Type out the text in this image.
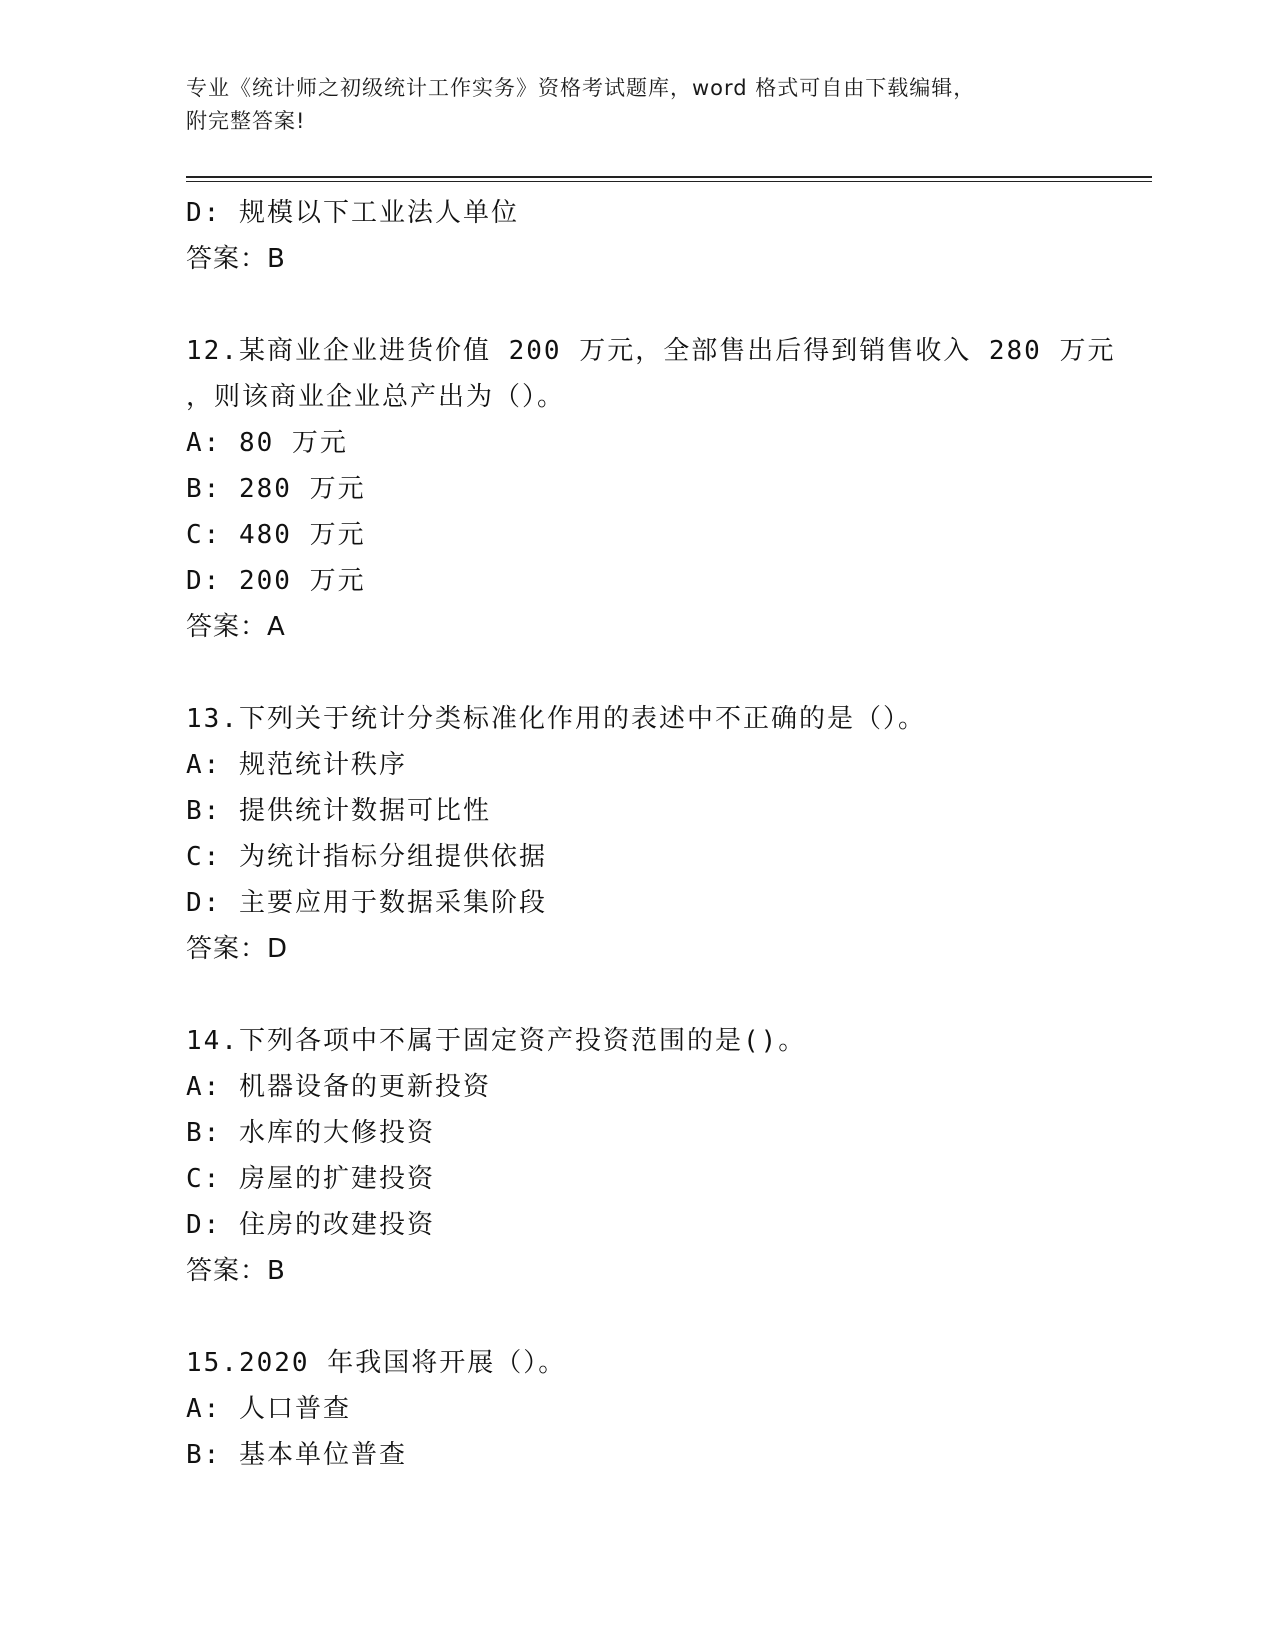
专业《统计师之初级统计工作实务》资格考试题库，word 格式可自由下载编辑，
附完整答案!
D: 规模以下工业法人单位
答案：B
12.某商业企业进货价值 200 万元，全部售出后得到销售收入 280 万元
，则该商业企业总产出为（）。
A: 80 万元
B: 280 万元
C: 480 万元
D: 200 万元
答案：A
13.下列关于统计分类标准化作用的表述中不正确的是（）。
A: 规范统计秩序
B: 提供统计数据可比性
C: 为统计指标分组提供依据
D: 主要应用于数据采集阶段
答案：D
14.下列各项中不属于固定资产投资范围的是()。
A: 机器设备的更新投资
B: 水库的大修投资
C: 房屋的扩建投资
D: 住房的改建投资
答案：B
15.2020 年我国将开展（）。
A: 人口普查
B: 基本单位普查
